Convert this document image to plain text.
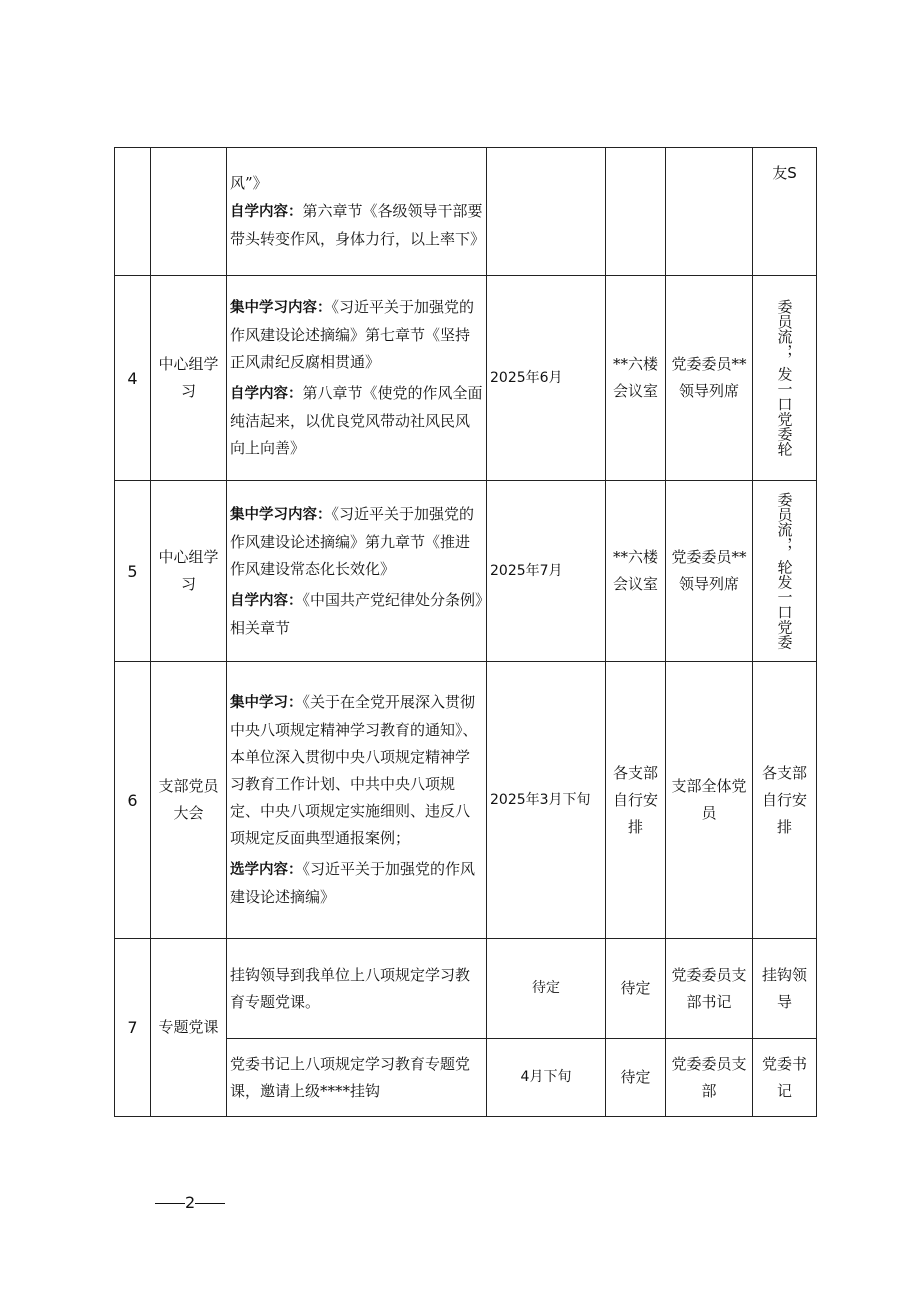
		风”》
自学内容：第六章节《各级领导干部要带头转变作风，身体力行，以上率下》				友S
4	中心组学习	集中学习内容：《习近平关于加强党的作风建设论述摘编》第七章节《坚持正风肃纪反腐相贯通》
自学内容：第八章节《使党的作风全面纯洁起来，以优良党风带动社风民风向上向善》	2025年6月	**六楼会议室	党委委员**领导列席	委员流，，发一口党委轮

5	中心组学习	集中学习内容：《习近平关于加强党的作风建设论述摘编》第九章节《推进作风建设常态化长效化》
自学内容：《中国共产党纪律处分条例》相关章节	2025年7月	**六楼会议室	党委委员**领导列席	委员流，，轮发一口党委

6	支部党员大会	集中学习：《关于在全党开展深入贯彻中央八项规定精神学习教育的通知》、本单位深入贯彻中央八项规定精神学习教育工作计划、中共中央八项规定、中央八项规定实施细则、违反八项规定反面典型通报案例；
选学内容：《习近平关于加强党的作风建设论述摘编》	2025年3月下旬	各支部自行安排	支部全体党员	各支部自行安排
7	专题党课	挂钩领导到我单位上八项规定学习教育专题党课。	待定	待定	党委委员支部书记	挂钩领导
		党委书记上八项规定学习教育专题党课，邀请上级****挂钩	4月下旬	待定	党委委员支部	党委书记
2
